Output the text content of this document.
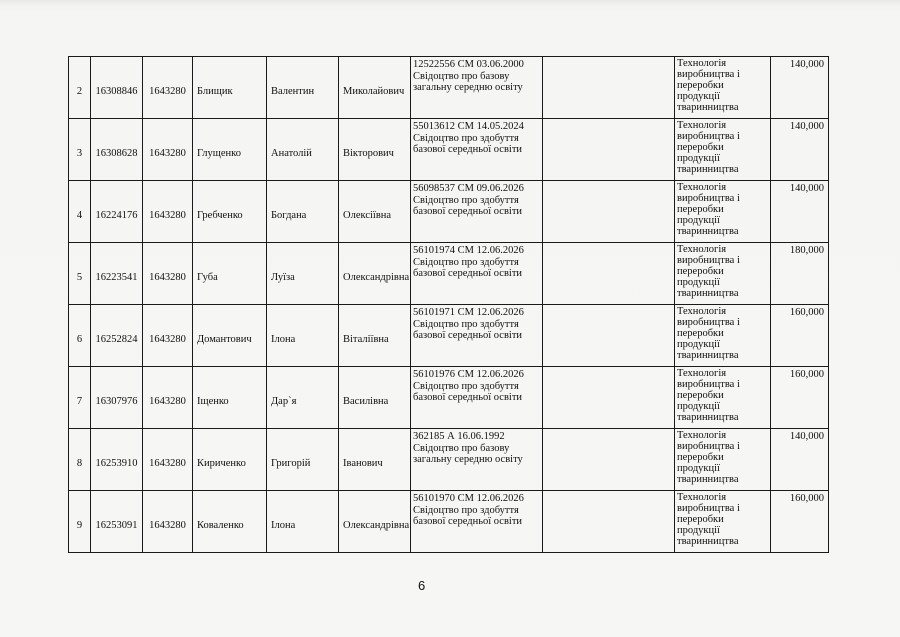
2	16308846	1643280	Блищик	Валентин	Миколайович	12522556 СМ 03.06.2000
Свідоцтво про базову загальну середню освіту		Технологія виробництва і переробки продукції тваринництва	140,000
3	16308628	1643280	Глущенко	Анатолій	Вікторович	55013612 СМ 14.05.2024
Свідоцтво про здобуття базової середньої освіти		Технологія виробництва і переробки продукції тваринництва	140,000
4	16224176	1643280	Гребченко	Богдана	Олексіївна	56098537 СМ 09.06.2026
Свідоцтво про здобуття базової середньої освіти		Технологія виробництва і переробки продукції тваринництва	140,000
5	16223541	1643280	Губа	Луїза	Олександрівна	56101974 СМ 12.06.2026
Свідоцтво про здобуття базової середньої освіти		Технологія виробництва і переробки продукції тваринництва	180,000
6	16252824	1643280	Домантович	Ілона	Віталіївна	56101971 СМ 12.06.2026
Свідоцтво про здобуття базової середньої освіти		Технологія виробництва і переробки продукції тваринництва	160,000
7	16307976	1643280	Іщенко	Дар`я	Василівна	56101976 СМ 12.06.2026
Свідоцтво про здобуття базової середньої освіти		Технологія виробництва і переробки продукції тваринництва	160,000
8	16253910	1643280	Кириченко	Григорій	Іванович	362185 А 16.06.1992
Свідоцтво про базову загальну середню освіту		Технологія виробництва і переробки продукції тваринництва	140,000
9	16253091	1643280	Коваленко	Ілона	Олександрівна	56101970 СМ 12.06.2026
Свідоцтво про здобуття базової середньої освіти		Технологія виробництва і переробки продукції тваринництва	160,000
6
